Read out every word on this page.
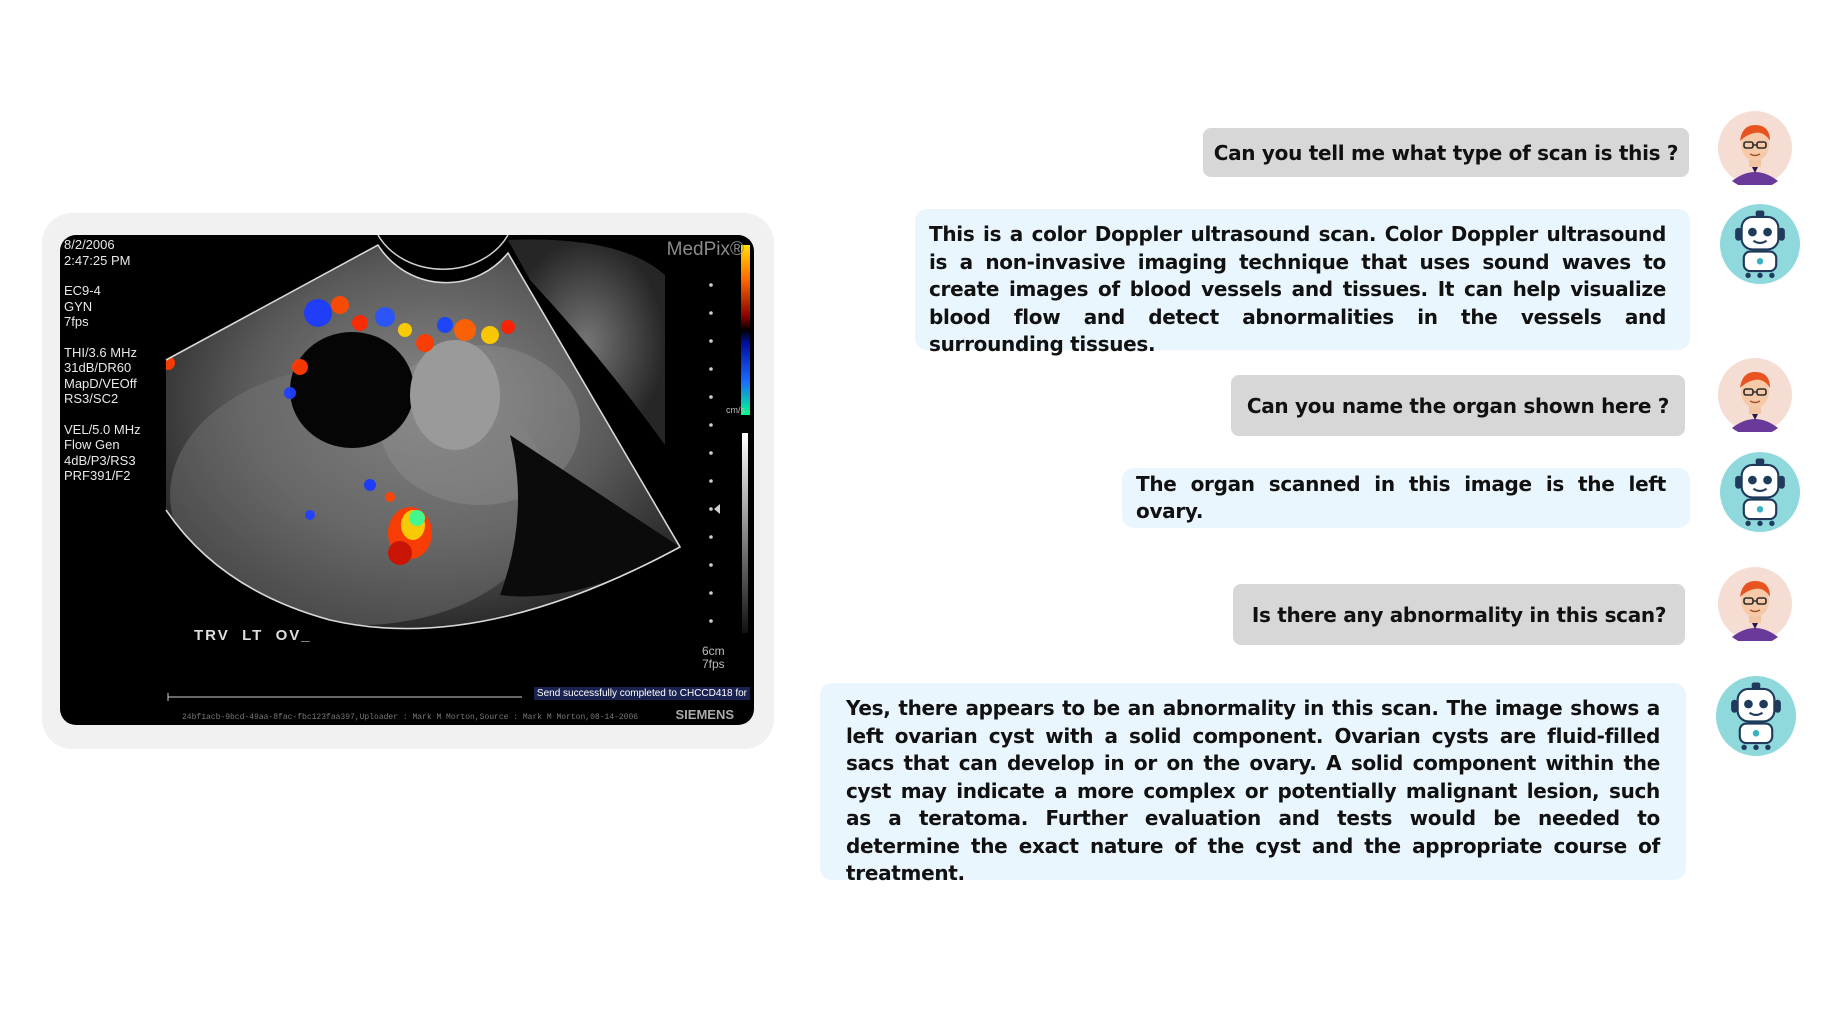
8/2/2006
2:47:25 PM
EC9-4
GYN
7fps
THI/3.6 MHz
31dB/DR60
MapD/VEOff
RS3/SC2
VEL/5.0 MHz
Flow Gen
4dB/P3/RS3
PRF391/F2
MedPix®
TRV  LT  OV_
cm/s
6cm
7fps
Send successfully completed to CHCCD418 for
24bf1acb-9bcd-49aa-8fac-fbc123faa397,Uploader : Mark M Morton,Source : Mark M Morton,08-14-2006	SIEMENS
Can you tell me what type of scan is this ?
This is a color Doppler ultrasound scan. Color Doppler ultrasound is a non-invasive imaging technique that uses sound waves to create images of blood vessels and tissues. It can help visualize blood flow and detect abnormalities in the vessels and surrounding tissues.
Can you name the organ shown here ?
The organ scanned in this image is the left ovary.
Is there any abnormality in this scan?
Yes, there appears to be an abnormality in this scan. The image shows a left ovarian cyst with a solid component. Ovarian cysts are fluid-filled sacs that can develop in or on the ovary. A solid component within the cyst may indicate a more complex or potentially malignant lesion, such as a teratoma. Further evaluation and tests would be needed to determine the exact nature of the cyst and the appropriate course of treatment.
